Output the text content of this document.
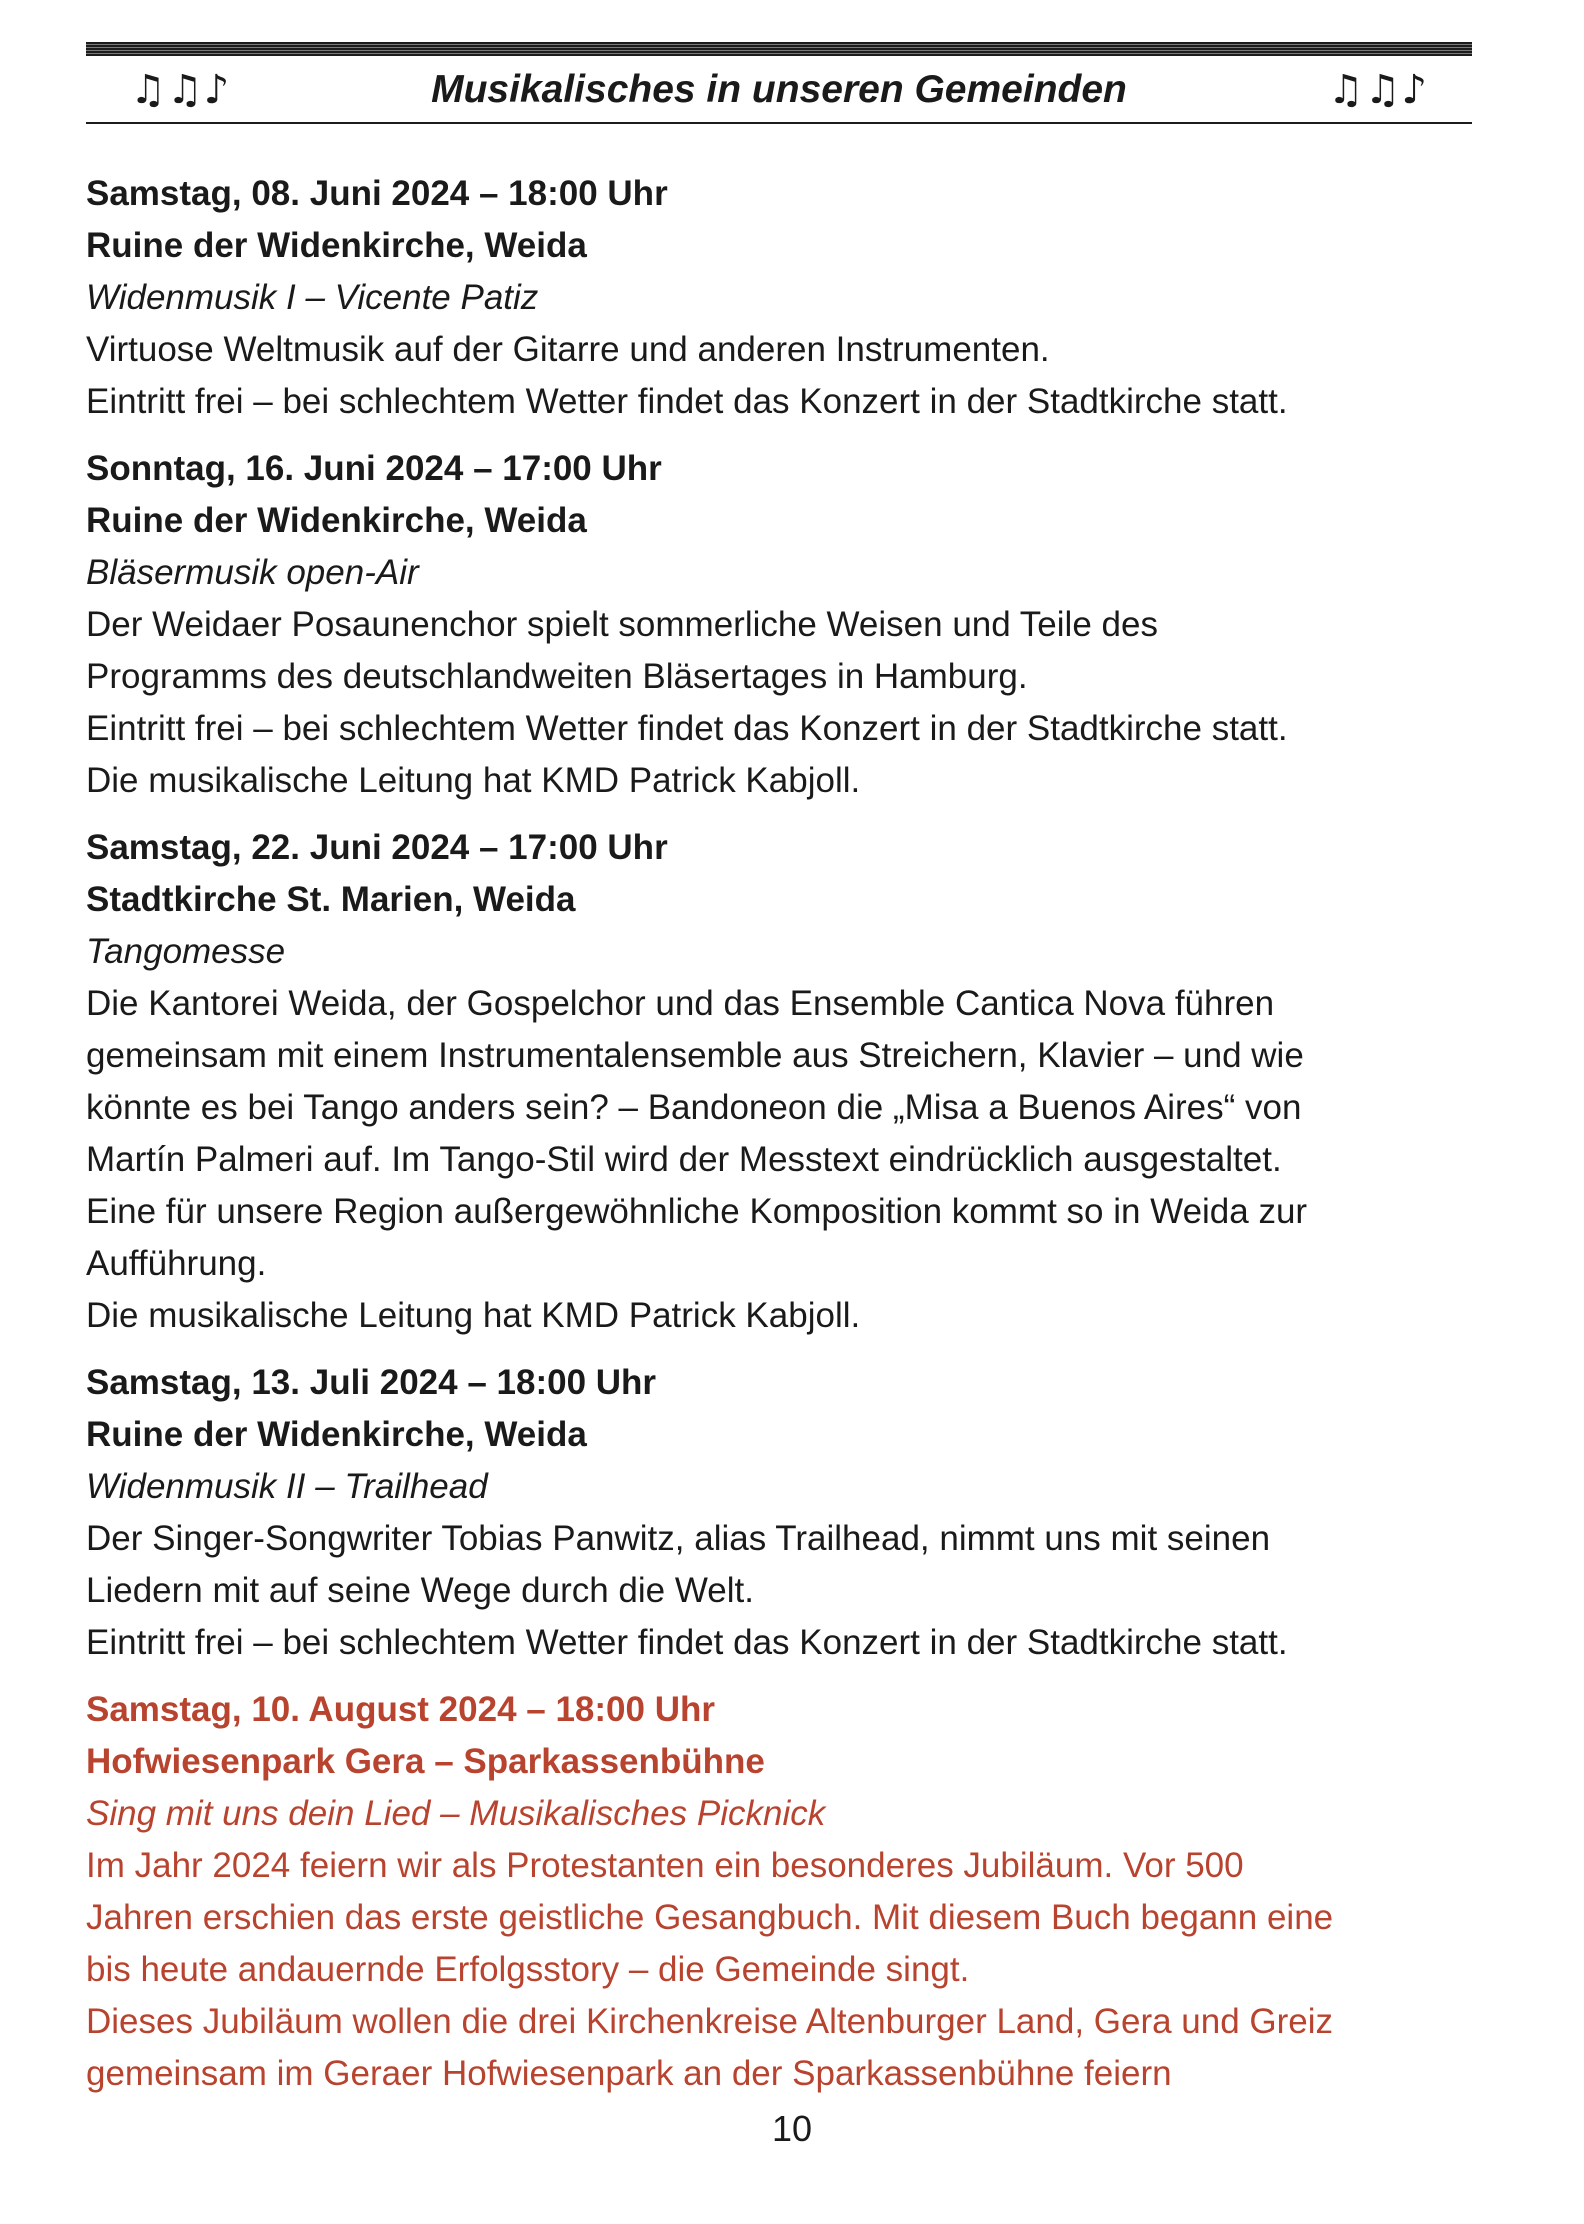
♫♫♪	Musikalisches in unseren Gemeinden	♫♫♪
Samstag, 08. Juni 2024 – 18:00 Uhr
Ruine der Widenkirche, Weida
Widenmusik I – Vicente Patiz
Virtuose Weltmusik auf der Gitarre und anderen Instrumenten.
Eintritt frei – bei schlechtem Wetter findet das Konzert in der Stadtkirche statt.
Sonntag, 16. Juni 2024 – 17:00 Uhr
Ruine der Widenkirche, Weida
Bläsermusik open-Air
Der Weidaer Posaunenchor spielt sommerliche Weisen und Teile des
Programms des deutschlandweiten Bläsertages in Hamburg.
Eintritt frei – bei schlechtem Wetter findet das Konzert in der Stadtkirche statt.
Die musikalische Leitung hat KMD Patrick Kabjoll.
Samstag, 22. Juni 2024 – 17:00 Uhr
Stadtkirche St. Marien, Weida
Tangomesse
Die Kantorei Weida, der Gospelchor und das Ensemble Cantica Nova führen
gemeinsam mit einem Instrumentalensemble aus Streichern, Klavier – und wie
könnte es bei Tango anders sein? – Bandoneon die „Misa a Buenos Aires“ von
Martín Palmeri auf. Im Tango-Stil wird der Messtext eindrücklich ausgestaltet.
Eine für unsere Region außergewöhnliche Komposition kommt so in Weida zur
Aufführung.
Die musikalische Leitung hat KMD Patrick Kabjoll.
Samstag, 13. Juli 2024 – 18:00 Uhr
Ruine der Widenkirche, Weida
Widenmusik II – Trailhead
Der Singer-Songwriter Tobias Panwitz, alias Trailhead, nimmt uns mit seinen
Liedern mit auf seine Wege durch die Welt.
Eintritt frei – bei schlechtem Wetter findet das Konzert in der Stadtkirche statt.
Samstag, 10. August 2024 – 18:00 Uhr
Hofwiesenpark Gera – Sparkassenbühne
Sing mit uns dein Lied – Musikalisches Picknick
Im Jahr 2024 feiern wir als Protestanten ein besonderes Jubiläum. Vor 500
Jahren erschien das erste geistliche Gesangbuch. Mit diesem Buch begann eine
bis heute andauernde Erfolgsstory – die Gemeinde singt.
Dieses Jubiläum wollen die drei Kirchenkreise Altenburger Land, Gera und Greiz
gemeinsam im Geraer Hofwiesenpark an der Sparkassenbühne feiern
10
